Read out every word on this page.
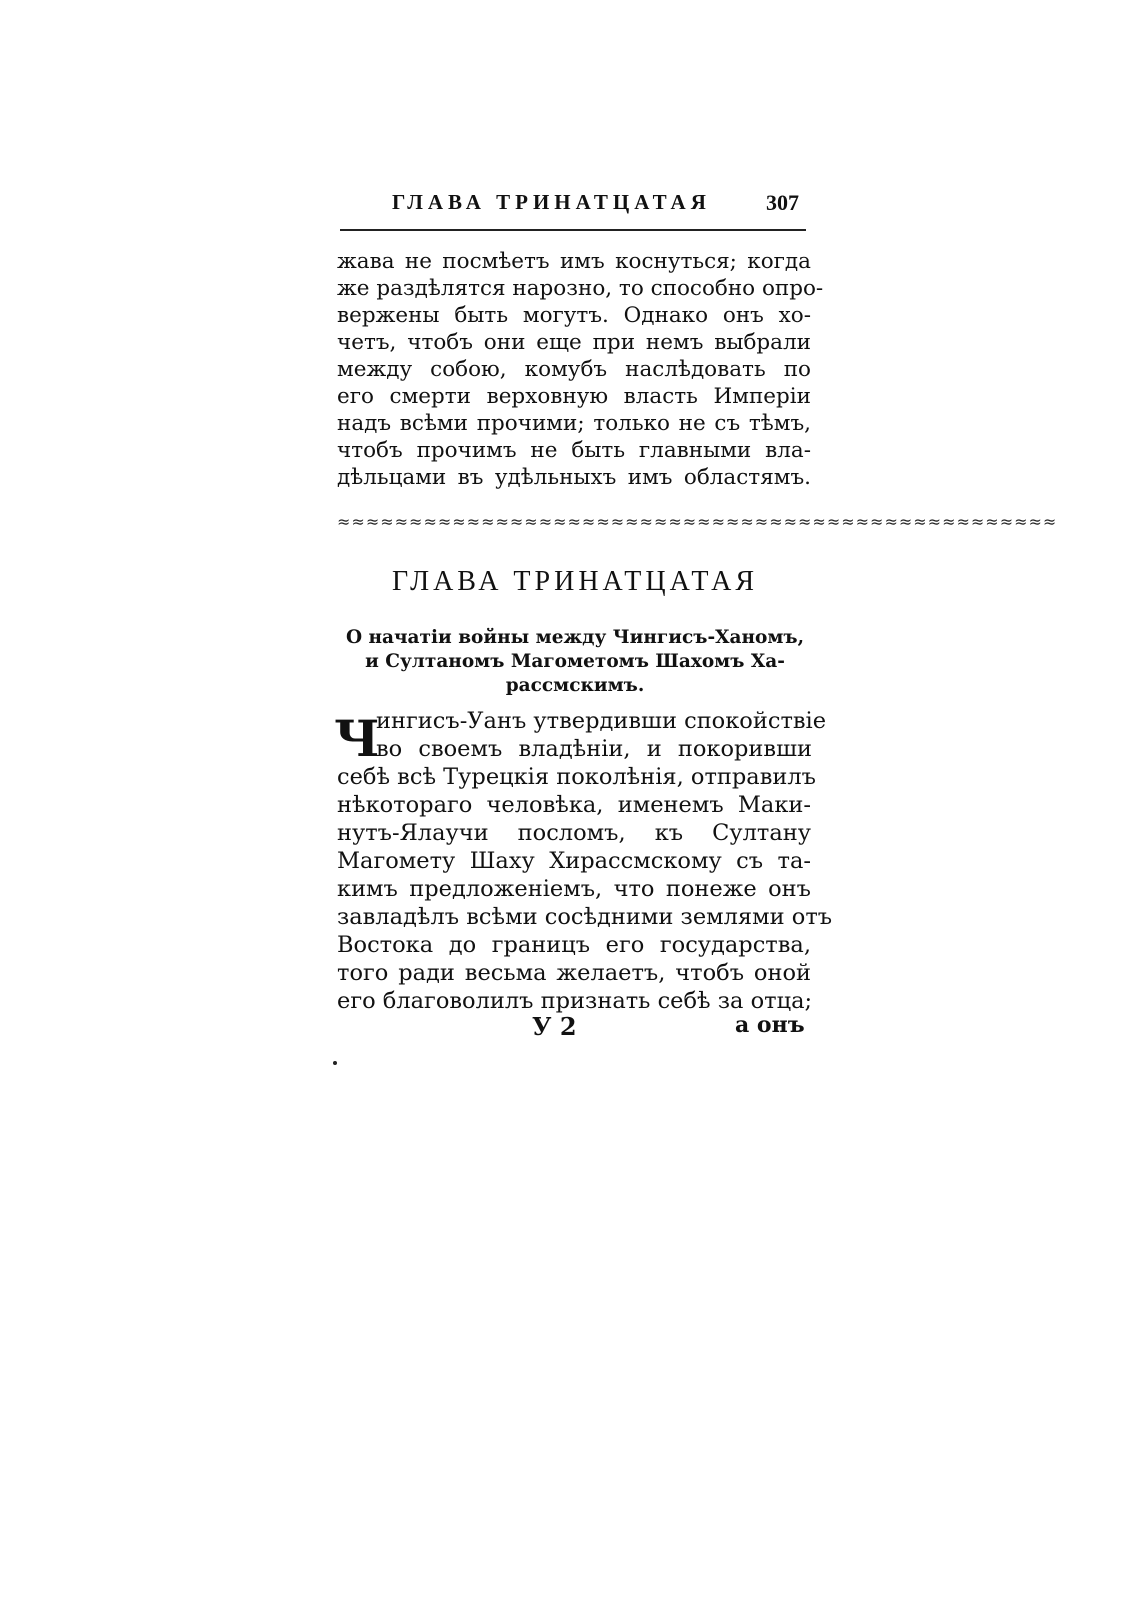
ГЛАВА ТРИНАТЦАТАЯ	307
жава не посмѣетъ имъ коснуться; когда
же раздѣлятся нарозно, то способно опро-
вержены быть могутъ. Однако онъ хо-
четъ, чтобъ они еще при немъ выбрали
между собою, комубъ наслѣдовать по
его смерти верховную власть Имперiи
надъ всѣми прочими; только не съ тѣмъ,
чтобъ прочимъ не быть главными вла-
дѣльцами въ удѣльныхъ имъ областямъ.
≈≈≈≈≈≈≈≈≈≈≈≈≈≈≈≈≈≈≈≈≈≈≈≈≈≈≈≈≈≈≈≈≈≈≈≈≈≈≈≈≈≈≈≈≈≈≈≈≈≈
ГЛАВА ТРИНАТЦАТАЯ
О начатiи войны между Чингисъ-Ханомъ,
и Султаномъ Магометомъ Шахомъ Ха-
рассмскимъ.
Ч
ингисъ-Уанъ утвердивши спокойствiе
во своемъ владѣнiи, и покоривши
себѣ всѣ Турецкiя поколѣнiя, отправилъ
нѣкотораго человѣка, именемъ Маки-
нутъ-Ялаучи посломъ, къ Султану
Магомету Шаху Хирассмскому съ та-
кимъ предложенiемъ, что понеже онъ
завладѣлъ всѣми сосѣдними землями отъ
Востока до границъ его государства,
того ради весьма желаетъ, чтобъ оной
его благоволилъ признать себѣ за отца;
У 2	а онъ
